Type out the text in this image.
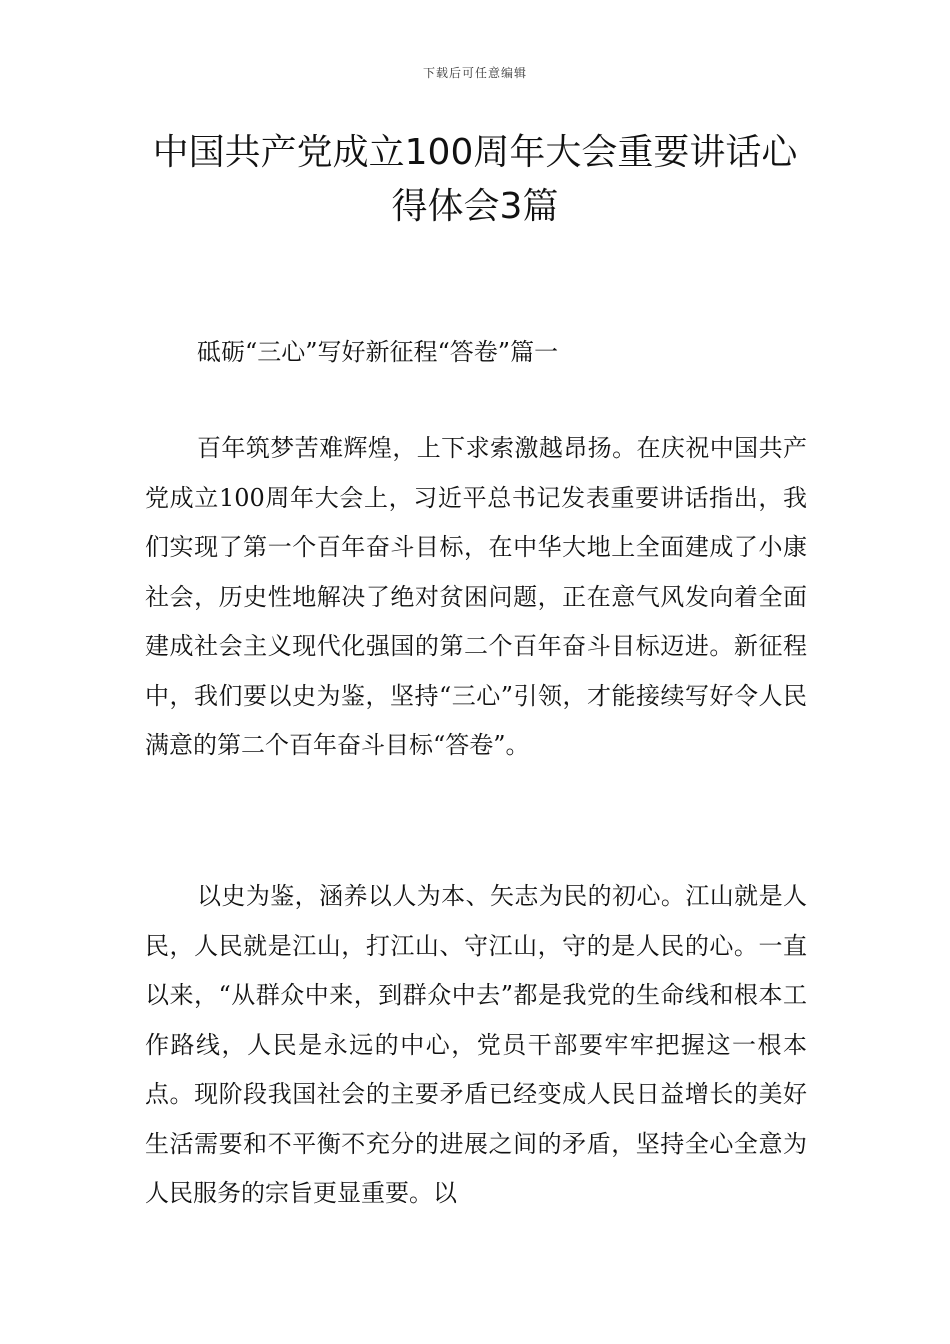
下载后可任意编辑
中国共产党成立100周年大会重要讲话心得体会3篇

砥砺“三心”写好新征程“答卷”篇一

百年筑梦苦难辉煌，上下求索激越昂扬。在庆祝中国共产党成立100周年大会上，习近平总书记发表重要讲话指出，我们实现了第一个百年奋斗目标，在中华大地上全面建成了小康社会，历史性地解决了绝对贫困问题，正在意气风发向着全面建成社会主义现代化强国的第二个百年奋斗目标迈进。新征程中，我们要以史为鉴，坚持“三心”引领，才能接续写好令人民满意的第二个百年奋斗目标“答卷”。

以史为鉴，涵养以人为本、矢志为民的初心。江山就是人民，人民就是江山，打江山、守江山，守的是人民的心。一直以来，“从群众中来，到群众中去”都是我党的生命线和根本工作路线，人民是永远的中心，党员干部要牢牢把握这一根本点。现阶段我国社会的主要矛盾已经变成人民日益增长的美好生活需要和不平衡不充分的进展之间的矛盾，坚持全心全意为人民服务的宗旨更显重要。以
